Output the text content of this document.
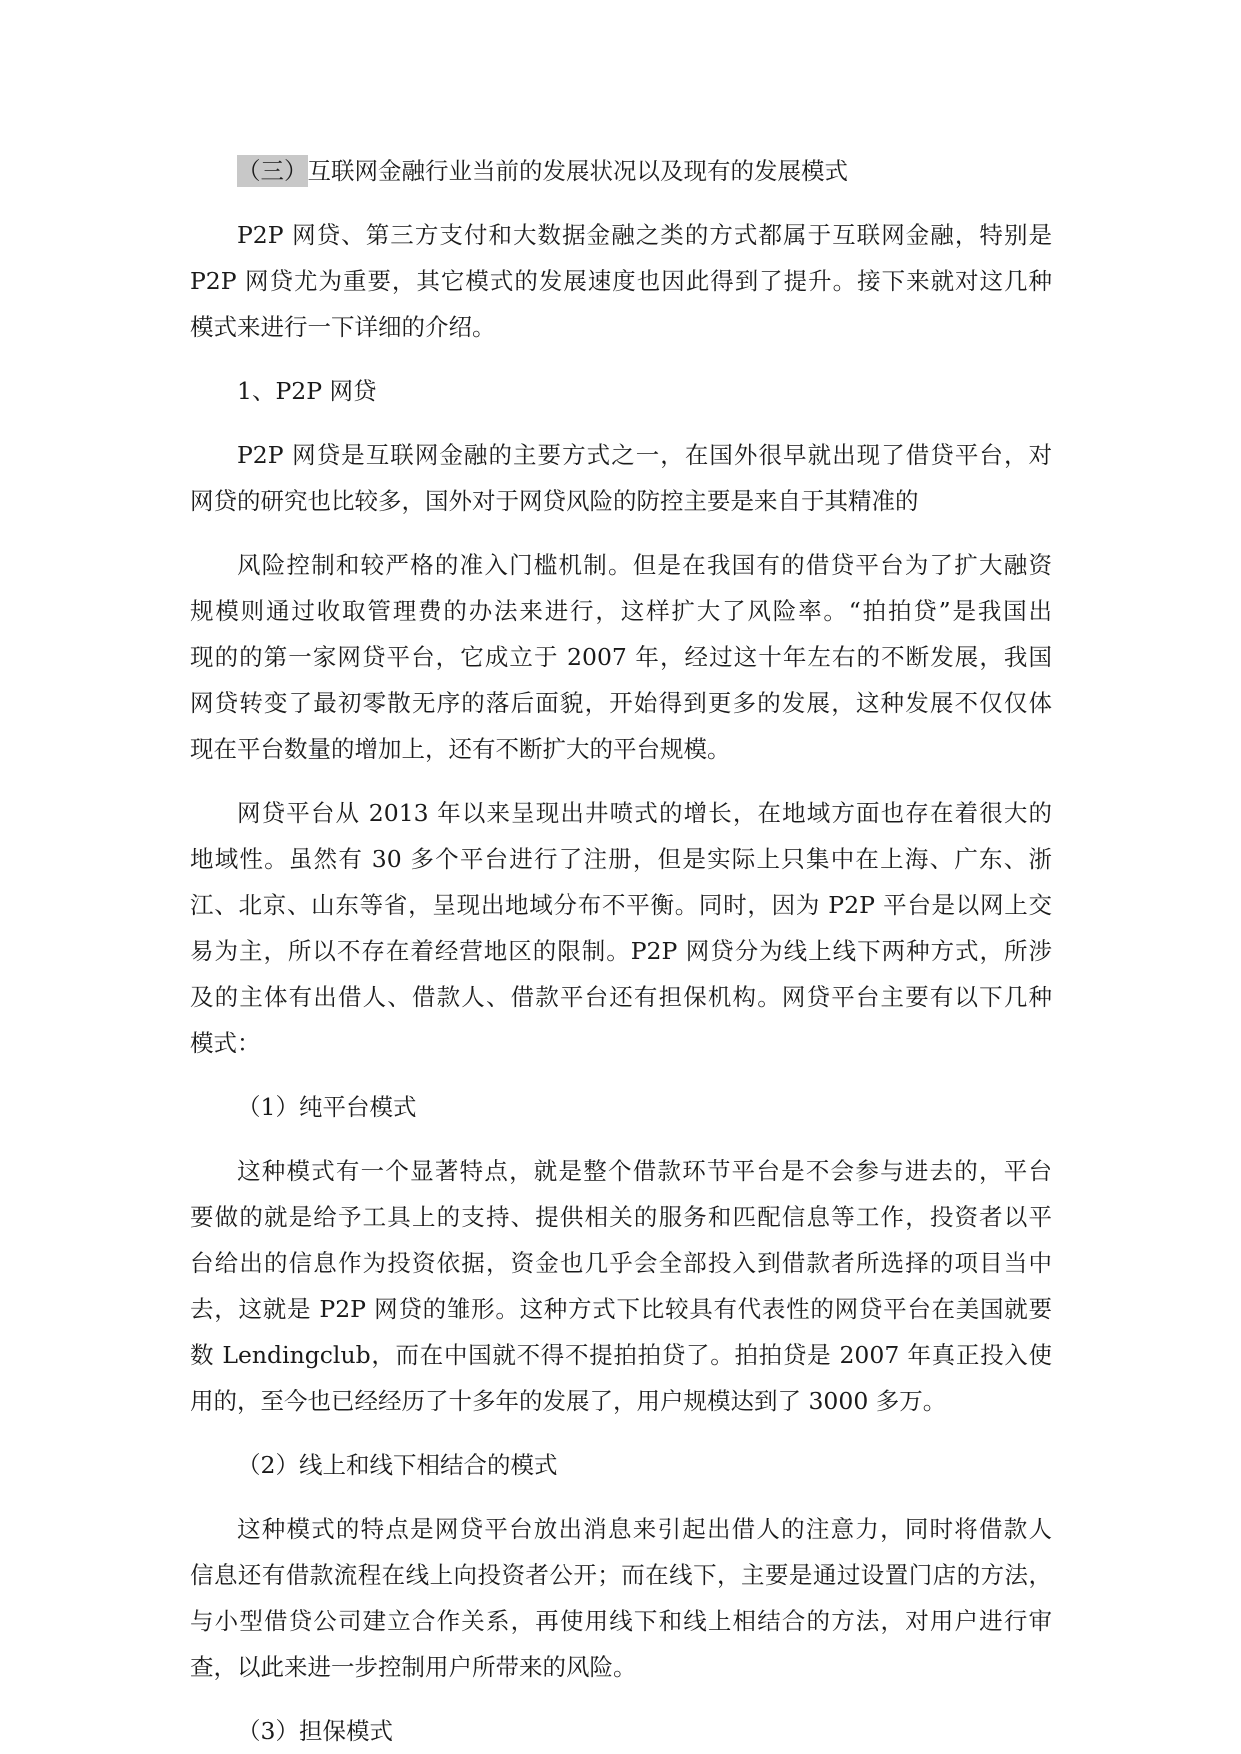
（三）互联网金融行业当前的发展状况以及现有的发展模式
P2P 网贷、第三方支付和大数据金融之类的方式都属于互联网金融，特别是
P2P 网贷尤为重要，其它模式的发展速度也因此得到了提升。接下来就对这几种
模式来进行一下详细的介绍。
1、P2P 网贷
P2P 网贷是互联网金融的主要方式之一，在国外很早就出现了借贷平台，对
网贷的研究也比较多，国外对于网贷风险的防控主要是来自于其精准的
风险控制和较严格的准入门槛机制。但是在我国有的借贷平台为了扩大融资
规模则通过收取管理费的办法来进行，这样扩大了风险率。“拍拍贷”是我国出
现的的第一家网贷平台，它成立于 2007 年，经过这十年左右的不断发展，我国
网贷转变了最初零散无序的落后面貌，开始得到更多的发展，这种发展不仅仅体
现在平台数量的增加上，还有不断扩大的平台规模。
网贷平台从 2013 年以来呈现出井喷式的增长，在地域方面也存在着很大的
地域性。虽然有 30 多个平台进行了注册，但是实际上只集中在上海、广东、浙
江、北京、山东等省，呈现出地域分布不平衡。同时，因为 P2P 平台是以网上交
易为主，所以不存在着经营地区的限制。P2P 网贷分为线上线下两种方式，所涉
及的主体有出借人、借款人、借款平台还有担保机构。网贷平台主要有以下几种
模式：
（1）纯平台模式
这种模式有一个显著特点，就是整个借款环节平台是不会参与进去的，平台
要做的就是给予工具上的支持、提供相关的服务和匹配信息等工作，投资者以平
台给出的信息作为投资依据，资金也几乎会全部投入到借款者所选择的项目当中
去，这就是 P2P 网贷的雏形。这种方式下比较具有代表性的网贷平台在美国就要
数 Lendingclub，而在中国就不得不提拍拍贷了。拍拍贷是 2007 年真正投入使
用的，至今也已经经历了十多年的发展了，用户规模达到了 3000 多万。
（2）线上和线下相结合的模式
这种模式的特点是网贷平台放出消息来引起出借人的注意力，同时将借款人
信息还有借款流程在线上向投资者公开；而在线下，主要是通过设置门店的方法，
与小型借贷公司建立合作关系，再使用线下和线上相结合的方法，对用户进行审
查，以此来进一步控制用户所带来的风险。
（3）担保模式
